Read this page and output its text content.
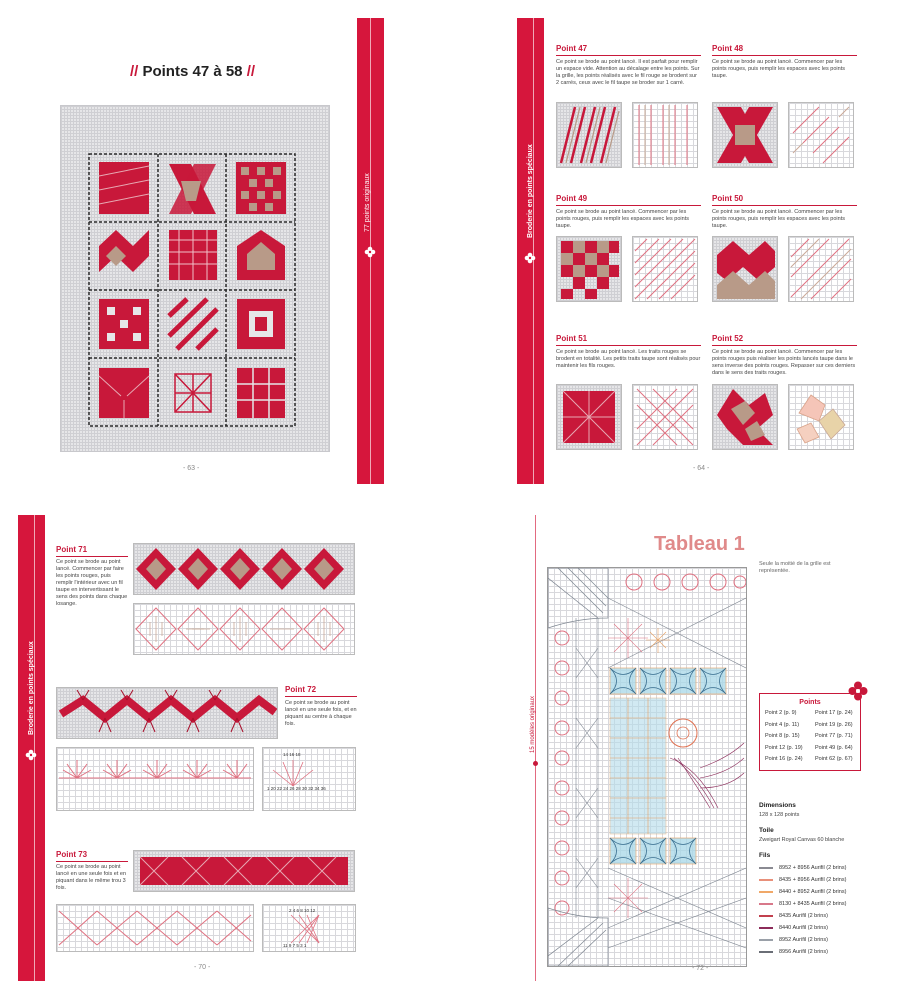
// Points 47 à 58 //
- 63 -
77 points originaux	Broderie en points spéciaux
Point 47
Ce point se brode au point lancé. Il est parfait pour remplir un espace vide. Attention au décalage entre les points. Sur la grille, les points réalisés avec le fil rouge se brodent sur 2 carrés, ceux avec le fil taupe se broder sur 1 carré.
Point 48
Ce point se brode au point lancé. Commencer par les points rouges, puis remplir les espaces avec les points taupe.
Point 49
Ce point se brode au point lancé. Commencer par les points rouges, puis remplir les espaces avec les points taupe.
Point 50
Ce point se brode au point lancé. Commencer par les points rouges, puis remplir les espaces avec les points taupe.
Point 51
Ce point se brode au point lancé. Les traits rouges se brodent en totalité. Les petits traits taupe sont réalisés pour maintenir les fils rouges.
Point 52
Ce point se brode au point lancé. Commencer par les points rouges puis réaliser les points lancés taupe dans le sens inverse des points rouges. Repasser sur ces derniers dans le sens des traits rouges.
- 64 -
Broderie en points spéciaux
Point 71
Ce point se brode au point lancé. Commencer par faire les points rouges, puis remplir l'intérieur avec un fil taupe en intervertissant le sens des points dans chaque losange.
Point 72
Ce point se brode au point lancé en une seule fois, et en piquant au centre à chaque fois.
14 16 18
1 20 22 24 26 28 30 32 34 36
Point 73
Ce point se brode au point lancé en une seule fois et en piquant dans le même trou 3 fois.
2 4 6 8 10 12
11 9 7 5 3 1
- 70 -
15 modèles originaux
Tableau 1
Seule la moitié de la grille est représentée.
Points
Point 2 (p. 9)	Point 17 (p. 24)
Point 4 (p. 11)	Point 19 (p. 26)
Point 8 (p. 15)	Point 77 (p. 71)
Point 12 (p. 19)	Point 49 (p. 64)
Point 16 (p. 24)	Point 62 (p. 67)
Dimensions
128 x 128 points
Toile
Zweigart Royal Canvas 60 blanche
Fils
8952 + 8956 Aurifil (2 brins)
8435 + 8956 Aurifil (2 brins)
8440 + 8952 Aurifil (2 brins)
8130 + 8435 Aurifil (2 brins)
8435 Aurifil (2 brins)
8440 Aurifil (2 brins)
8952 Aurifil (2 brins)
8956 Aurifil (2 brins)
- 72 -
